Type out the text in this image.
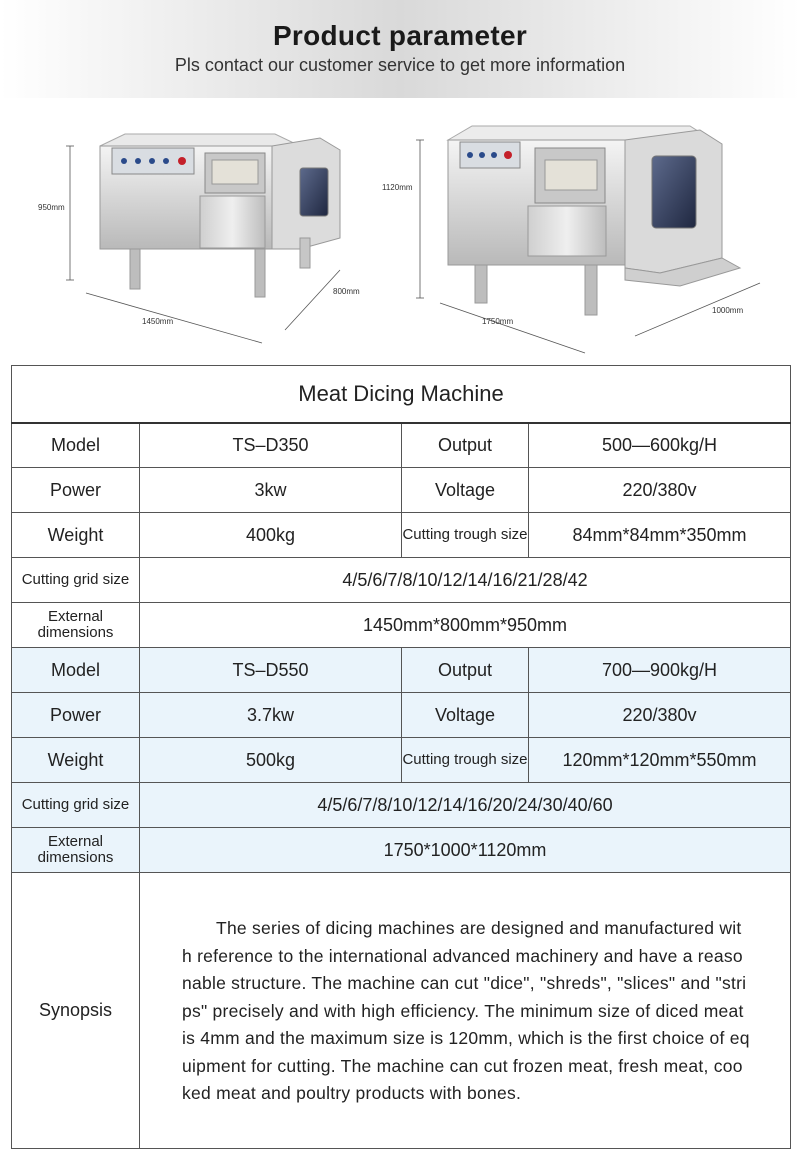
Product parameter
Pls contact our customer service to get more information
950mm
1450mm
800mm
1120mm
1750mm
1000mm
Meat Dicing Machine			
Model	TS–D350	Output	500—600kg/H
Power	3kw	Voltage	220/380v
Weight	400kg	Cutting trough size	84mm*84mm*350mm
Cutting grid size	4/5/6/7/8/10/12/14/16/21/28/42		
External dimensions	1450mm*800mm*950mm		
Model	TS–D550	Output	700—900kg/H
Power	3.7kw	Voltage	220/380v
Weight	500kg	Cutting trough size	120mm*120mm*550mm
Cutting grid size	4/5/6/7/8/10/12/14/16/20/24/30/40/60		
External dimensions	1750*1000*1120mm		
Synopsis	The series of dicing machines are designed and manufactured with reference to the international advanced machinery and have a reasonable structure. The machine can cut "dice", "shreds", "slices" and "strips" precisely and with high efficiency. The minimum size of diced meat is 4mm and the maximum size is 120mm, which is the first choice of equipment for cutting. The machine can cut frozen meat, fresh meat, cooked meat and poultry products with bones.		
